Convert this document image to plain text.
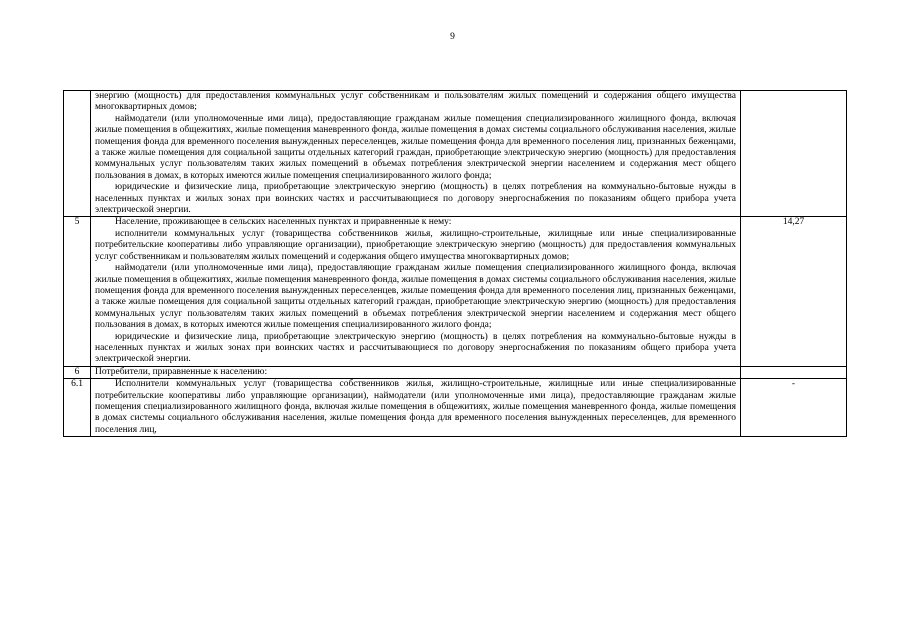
9

	энергию (мощность) для предоставления коммунальных услуг собственникам и пользователям жилых помещений и содержания общего имущества многоквартирных домов;

наймодатели (или уполномоченные ими лица), предоставляющие гражданам жилые помещения специализированного жилищного фонда, включая жилые помещения в общежитиях, жилые помещения маневренного фонда, жилые помещения в домах системы социального обслуживания населения, жилые помещения фонда для временного поселения вынужденных переселенцев, жилые помещения фонда для временного поселения лиц, признанных беженцами, а также жилые помещения для социальной защиты отдельных категорий граждан, приобретающие электрическую энергию (мощность) для предоставления коммунальных услуг пользователям таких жилых помещений в объемах потребления электрической энергии населением и содержания мест общего пользования в домах, в которых имеются жилые помещения специализированного жилого фонда;

юридические и физические лица, приобретающие электрическую энергию (мощность) в целях потребления на коммунально-бытовые нужды в населенных пунктах и жилых зонах при воинских частях и рассчитывающиеся по договору энергоснабжения по показаниям общего прибора учета электрической энергии.	

5	Население, проживающее в сельских населенных пунктах и приравненные к нему:

исполнители коммунальных услуг (товарищества собственников жилья, жилищно-строительные, жилищные или иные специализированные потребительские кооперативы либо управляющие организации), приобретающие электрическую энергию (мощность) для предоставления коммунальных услуг собственникам и пользователям жилых помещений и содержания общего имущества многоквартирных домов;

наймодатели (или уполномоченные ими лица), предоставляющие гражданам жилые помещения специализированного жилищного фонда, включая жилые помещения в общежитиях, жилые помещения маневренного фонда, жилые помещения в домах системы социального обслуживания населения, жилые помещения фонда для временного поселения вынужденных переселенцев, жилые помещения фонда для временного поселения лиц, признанных беженцами, а также жилые помещения для социальной защиты отдельных категорий граждан, приобретающие электрическую энергию (мощность) для предоставления коммунальных услуг пользователям таких жилых помещений в объемах потребления электрической энергии населением и содержания мест общего пользования в домах, в которых имеются жилые помещения специализированного жилого фонда;

юридические и физические лица, приобретающие электрическую энергию (мощность) в целях потребления на коммунально-бытовые нужды в населенных пунктах и жилых зонах при воинских частях и рассчитывающиеся по договору энергоснабжения по показаниям общего прибора учета электрической энергии.	14,27
6	Потребители, приравненные к населению:	

6.1	Исполнители коммунальных услуг (товарищества собственников жилья, жилищно-строительные, жилищные или иные специализированные потребительские кооперативы либо управляющие организации), наймодатели (или уполномоченные ими лица), предоставляющие гражданам жилые помещения специализированного жилищного фонда, включая жилые помещения в общежитиях, жилые помещения маневренного фонда, жилые помещения в домах системы социального обслуживания населения, жилые помещения фонда для временного поселения вынужденных переселенцев, для временного поселения лиц,	-
